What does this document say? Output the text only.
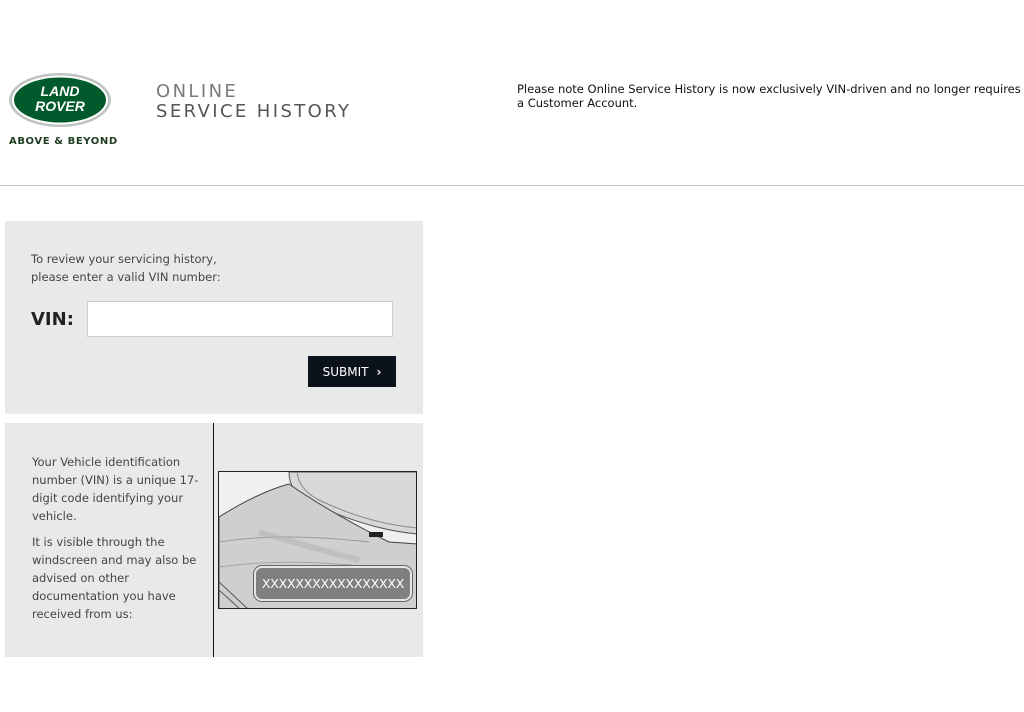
LAND
ROVER
ABOVE & BEYOND
ONLINE
SERVICE HISTORY
Please note Online Service History is now exclusively VIN-driven and no longer requires a Customer Account.
To review your servicing history,
please enter a valid VIN number:
VIN:
SUBMIT ›

Your Vehicle identification number (VIN) is a unique 17-digit code identifying your vehicle.

It is visible through the windscreen and may also be advised on other documentation you have received from us:

XXXXXXXXXXXXXXXXX
